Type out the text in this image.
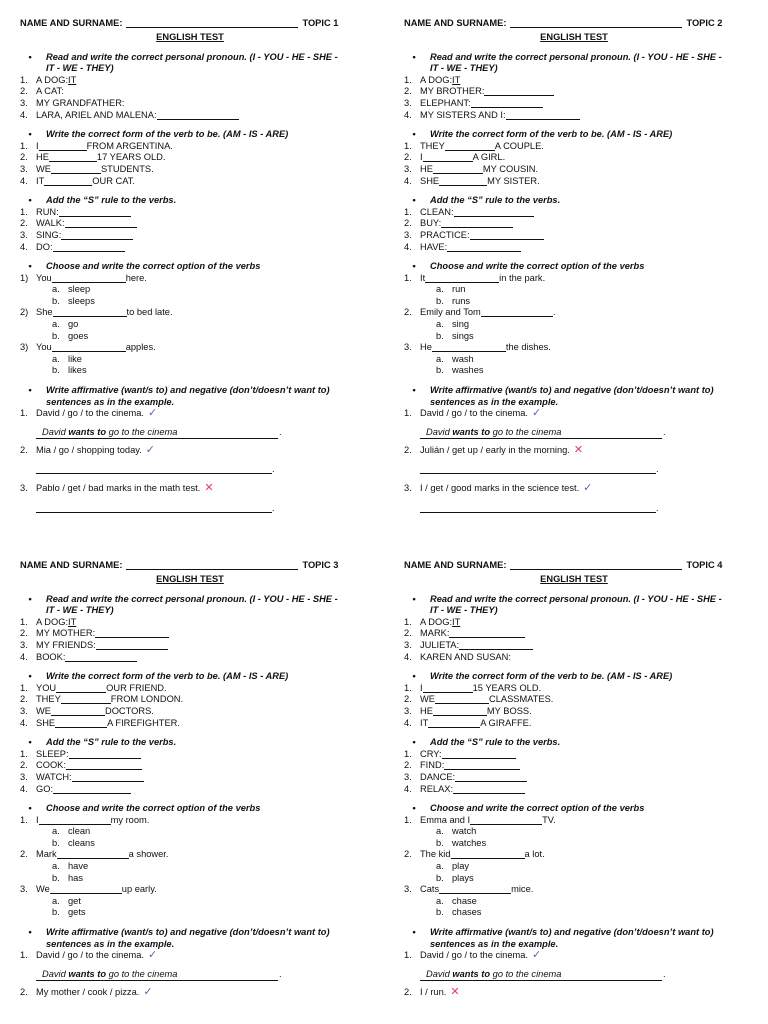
NAME AND SURNAME:	TOPIC 1
ENGLISH TEST
•	Read and write the correct personal pronoun. (I - YOU - HE - SHE -
IT - WE - THEY)
1. A DOG: IT
2. A CAT:
3. MY GRANDFATHER:
4. LARA, ARIEL AND MALENA:
•	Write the correct form of the verb to be. (AM - IS - ARE)
1. I	FROM ARGENTINA.
2. HE	17 YEARS OLD.
3. WE	STUDENTS.
4. IT	OUR CAT.
•	Add the “S” rule to the verbs.
1. RUN:
2. WALK:
3. SING:
4. DO:
•	Choose and write the correct option of the verbs
1) You	here.
a. sleep
b. sleeps
2) She	to bed late.
a. go
b. goes
3) You	apples.
a. like
b. likes
•	Write affirmative (want/s to) and negative (don’t/doesn’t want to)
sentences as in the example.
1. David / go / to the cinema. ✓
David wants to go to the cinema	.
2. Mia / go / shopping today. ✓
.
3. Pablo / get / bad marks in the math test. ✕
.
NAME AND SURNAME:	TOPIC 2
ENGLISH TEST
•	Read and write the correct personal pronoun. (I - YOU - HE - SHE -
IT - WE - THEY)
1. A DOG: IT
2. MY BROTHER:
3. ELEPHANT:
4. MY SISTERS AND I:
•	Write the correct form of the verb to be. (AM - IS - ARE)
1. THEY	A COUPLE.
2. I	A GIRL.
3. HE	MY COUSIN.
4. SHE	MY SISTER.
•	Add the “S” rule to the verbs.
1. CLEAN:
2. BUY:
3. PRACTICE:
4. HAVE:
•	Choose and write the correct option of the verbs
1. It	in the park.
a. run
b. runs
2. Emily and Tom	.
a. sing
b. sings
3. He	the dishes.
a. wash
b. washes
•	Write affirmative (want/s to) and negative (don’t/doesn’t want to)
sentences as in the example.
1. David / go / to the cinema. ✓
David wants to go to the cinema	.
2. Julián / get up / early in the morning. ✕
.
3. I / get / good marks in the science test. ✓
.
NAME AND SURNAME:	TOPIC 3
ENGLISH TEST
•	Read and write the correct personal pronoun. (I - YOU - HE - SHE -
IT - WE - THEY)
1. A DOG: IT
2. MY MOTHER:
3. MY FRIENDS:
4. BOOK:
•	Write the correct form of the verb to be. (AM - IS - ARE)
1. YOU	OUR FRIEND.
2. THEY	FROM LONDON.
3. WE	DOCTORS.
4. SHE	A FIREFIGHTER.
•	Add the “S” rule to the verbs.
1. SLEEP:
2. COOK:
3. WATCH:
4. GO:
•	Choose and write the correct option of the verbs
1. I	my room.
a. clean
b. cleans
2. Mark	a shower.
a. have
b. has
3. We	up early.
a. get
b. gets
•	Write affirmative (want/s to) and negative (don’t/doesn’t want to)
sentences as in the example.
1. David / go / to the cinema. ✓
David wants to go to the cinema	.
2. My mother / cook / pizza. ✓
NAME AND SURNAME:	TOPIC 4
ENGLISH TEST
•	Read and write the correct personal pronoun. (I - YOU - HE - SHE -
IT - WE - THEY)
1. A DOG: IT
2. MARK:
3. JULIETA:
4. KAREN AND SUSAN:
•	Write the correct form of the verb to be. (AM - IS - ARE)
1. I	15 YEARS OLD.
2. WE	CLASSMATES.
3. HE	MY BOSS.
4. IT	A GIRAFFE.
•	Add the “S” rule to the verbs.
1. CRY:
2. FIND:
3. DANCE:
4. RELAX:
•	Choose and write the correct option of the verbs
1. Emma and I	TV.
a. watch
b. watches
2. The kid	a lot.
a. play
b. plays
3. Cats	mice.
a. chase
b. chases
•	Write affirmative (want/s to) and negative (don’t/doesn’t want to)
sentences as in the example.
1. David / go / to the cinema. ✓
David wants to go to the cinema	.
2. I / run. ✕
